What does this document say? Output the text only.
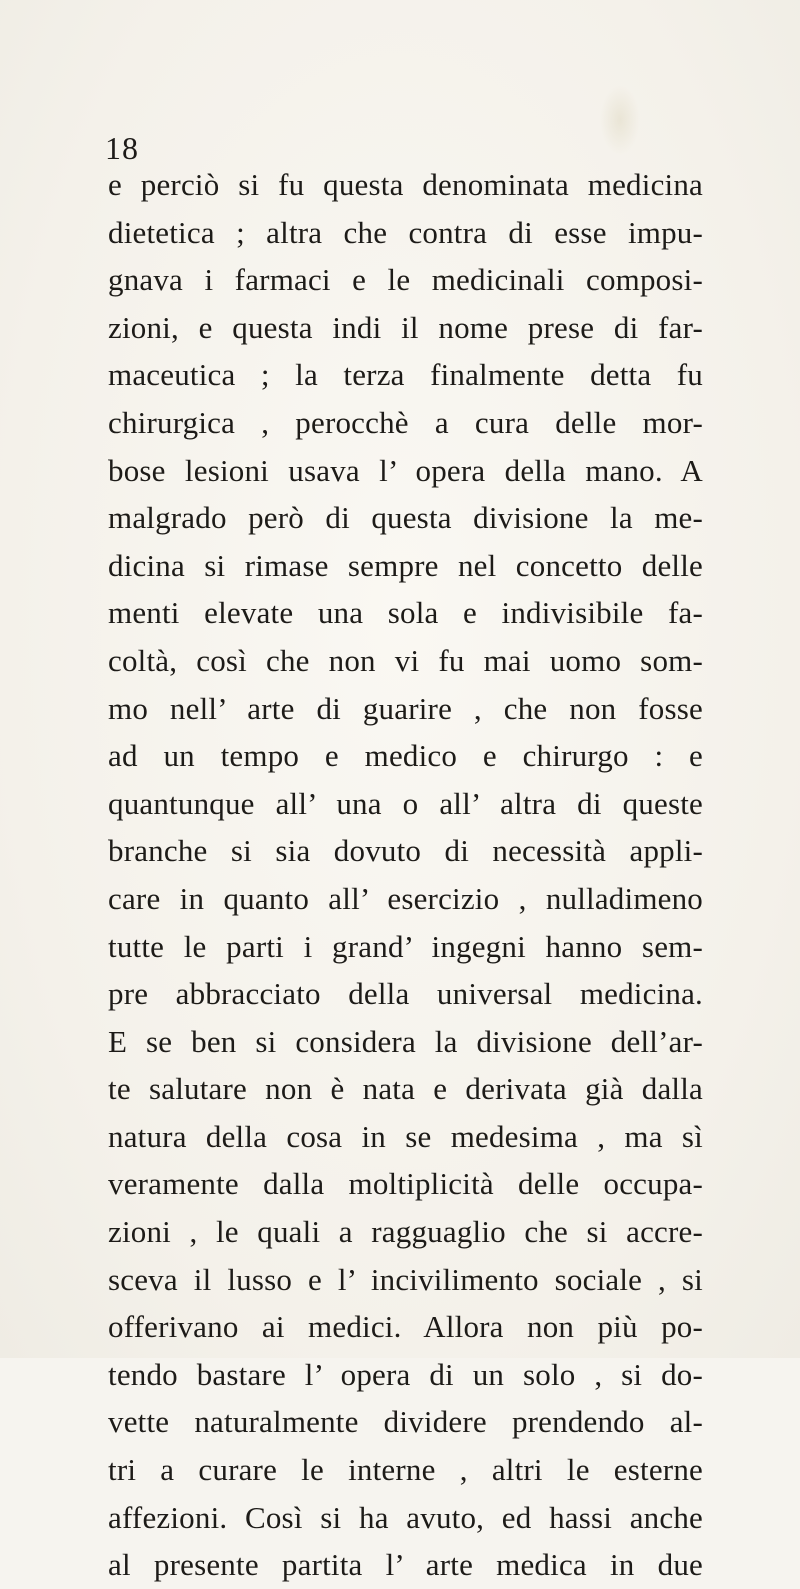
18
e perciò si fu questa denominata medicina
dietetica ; altra che contra di esse impu-
gnava i farmaci e le medicinali composi-
zioni, e questa indi il nome prese di far-
maceutica ; la terza finalmente detta fu
chirurgica , perocchè a cura delle mor-
bose lesioni usava l’ opera della mano. A
malgrado però di questa divisione la me-
dicina si rimase sempre nel concetto delle
menti elevate una sola e indivisibile fa-
coltà, così che non vi fu mai uomo som-
mo nell’ arte di guarire , che non fosse
ad un tempo e medico e chirurgo : e
quantunque all’ una o all’ altra di queste
branche si sia dovuto di necessità appli-
care in quanto all’ esercizio , nulladimeno
tutte le parti i grand’ ingegni hanno sem-
pre abbracciato della universal medicina.
E se ben si considera la divisione dell’ar-
te salutare non è nata e derivata già dalla
natura della cosa in se medesima , ma sì
veramente dalla moltiplicità delle occupa-
zioni , le quali a ragguaglio che si accre-
sceva il lusso e l’ incivilimento sociale , si
offerivano ai medici. Allora non più po-
tendo bastare l’ opera di un solo , si do-
vette naturalmente dividere prendendo al-
tri a curare le interne , altri le esterne
affezioni. Così si ha avuto, ed hassi anche
al presente partita l’ arte medica in due
